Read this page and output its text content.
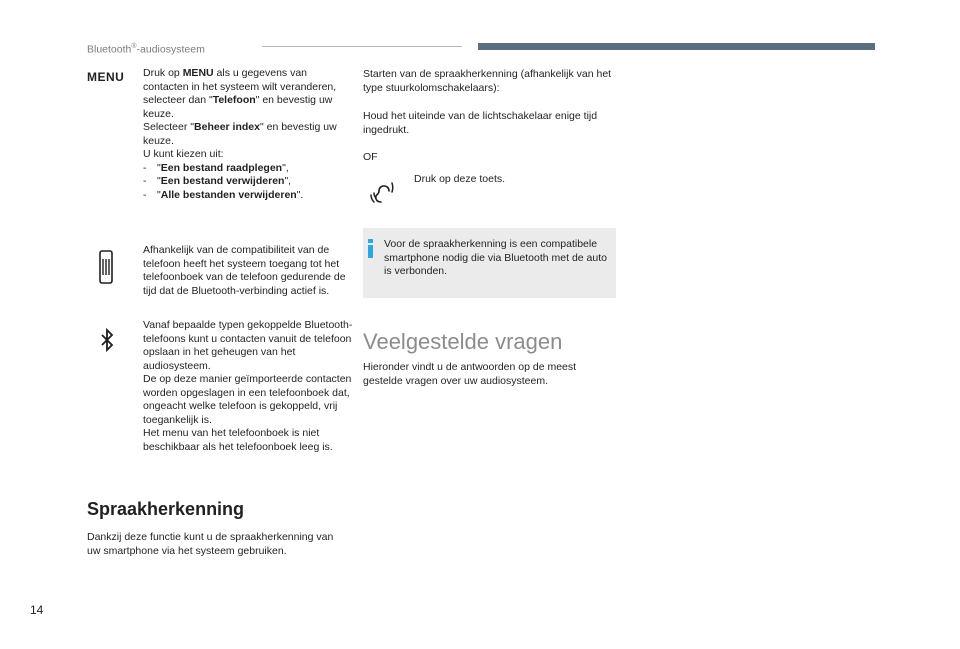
Bluetooth®-audiosysteem
MENU Druk op MENU als u gegevens van contacten in het systeem wilt veranderen, selecteer dan "Telefoon" en bevestig uw keuze.

Selecteer "Beheer index" en bevestig uw keuze.

U kunt kiezen uit:

- "Een bestand raadplegen",
- "Een bestand verwijderen",
- "Alle bestanden verwijderen".

Afhankelijk van de compatibiliteit van de telefoon heeft het systeem toegang tot het telefoonboek van de telefoon gedurende de tijd dat de Bluetooth-verbinding actief is.

Vanaf bepaalde typen gekoppelde Bluetooth-telefoons kunt u contacten vanuit de telefoon opslaan in het geheugen van het audiosysteem.

De op deze manier geïmporteerde contacten worden opgeslagen in een telefoonboek dat, ongeacht welke telefoon is gekoppeld, vrij toegankelijk is.

Het menu van het telefoonboek is niet beschikbaar als het telefoonboek leeg is.

Spraakherkenning
Dankzij deze functie kunt u de spraakherkenning van uw smartphone via het systeem gebruiken.
Starten van de spraakherkenning (afhankelijk van het type stuurkolomschakelaars):
Houd het uiteinde van de lichtschakelaar enige tijd ingedrukt.
OF
Druk op deze toets.
Voor de spraakherkenning is een compatibele smartphone nodig die via Bluetooth met de auto is verbonden.
Veelgestelde vragen
Hieronder vindt u de antwoorden op de meest gestelde vragen over uw audiosysteem.
14
